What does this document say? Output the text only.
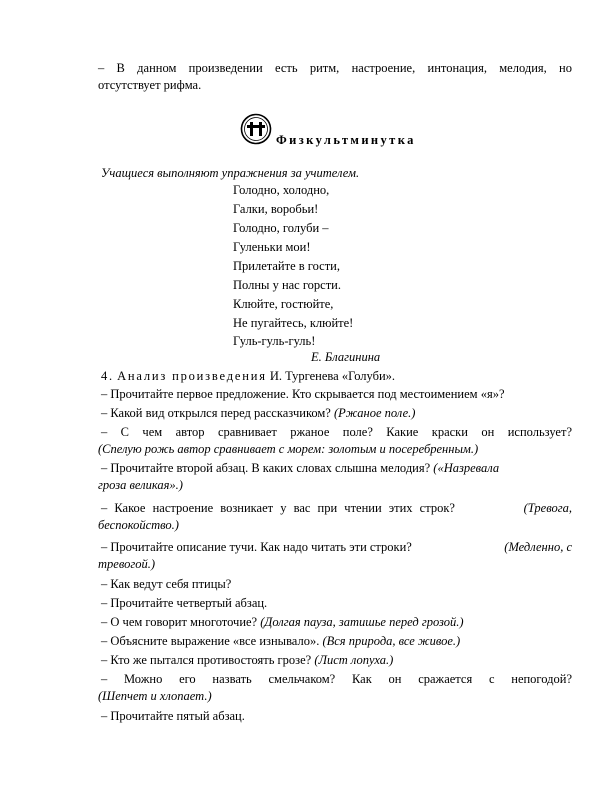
– В данном произведении есть ритм, настроение, интонация, мелодия, но
отсутствует рифма.
Физкультминутка
Учащиеся выполняют упражнения за учителем.
Голодно, холодно,
Галки, воробьи!
Голодно, голуби –
Гуленьки мои!
Прилетайте в гости,
Полны у нас горсти.
Клюйте, гостюйте,
Не пугайтесь, клюйте!
Гуль-гуль-гуль!
Е. Благинина
4. Анализ произведения И. Тургенева «Голуби».
– Прочитайте первое предложение. Кто скрывается под местоимением «я»?
– Какой вид открылся перед рассказчиком? (Ржаное поле.)
– С чем автор сравнивает ржаное поле? Какие краски он использует?
(Спелую рожь автор сравнивает с морем: золотым и посеребренным.)
– Прочитайте второй абзац. В каких словах слышна мелодия? («Назревала
гроза великая».)
– Какое настроение возникает у вас при чтении этих строк?	(Тревога,
беспокойство.)
– Прочитайте описание тучи. Как надо читать эти строки?	(Медленно, с
тревогой.)
– Как ведут себя птицы?
– Прочитайте четвертый абзац.
– О чем говорит многоточие? (Долгая пауза, затишье перед грозой.)
– Объясните выражение «все изнывало». (Вся природа, все живое.)
– Кто же пытался противостоять грозе? (Лист лопуха.)
– Можно его назвать смельчаком? Как он сражается с непогодой?
(Шепчет и хлопает.)
– Прочитайте пятый абзац.
